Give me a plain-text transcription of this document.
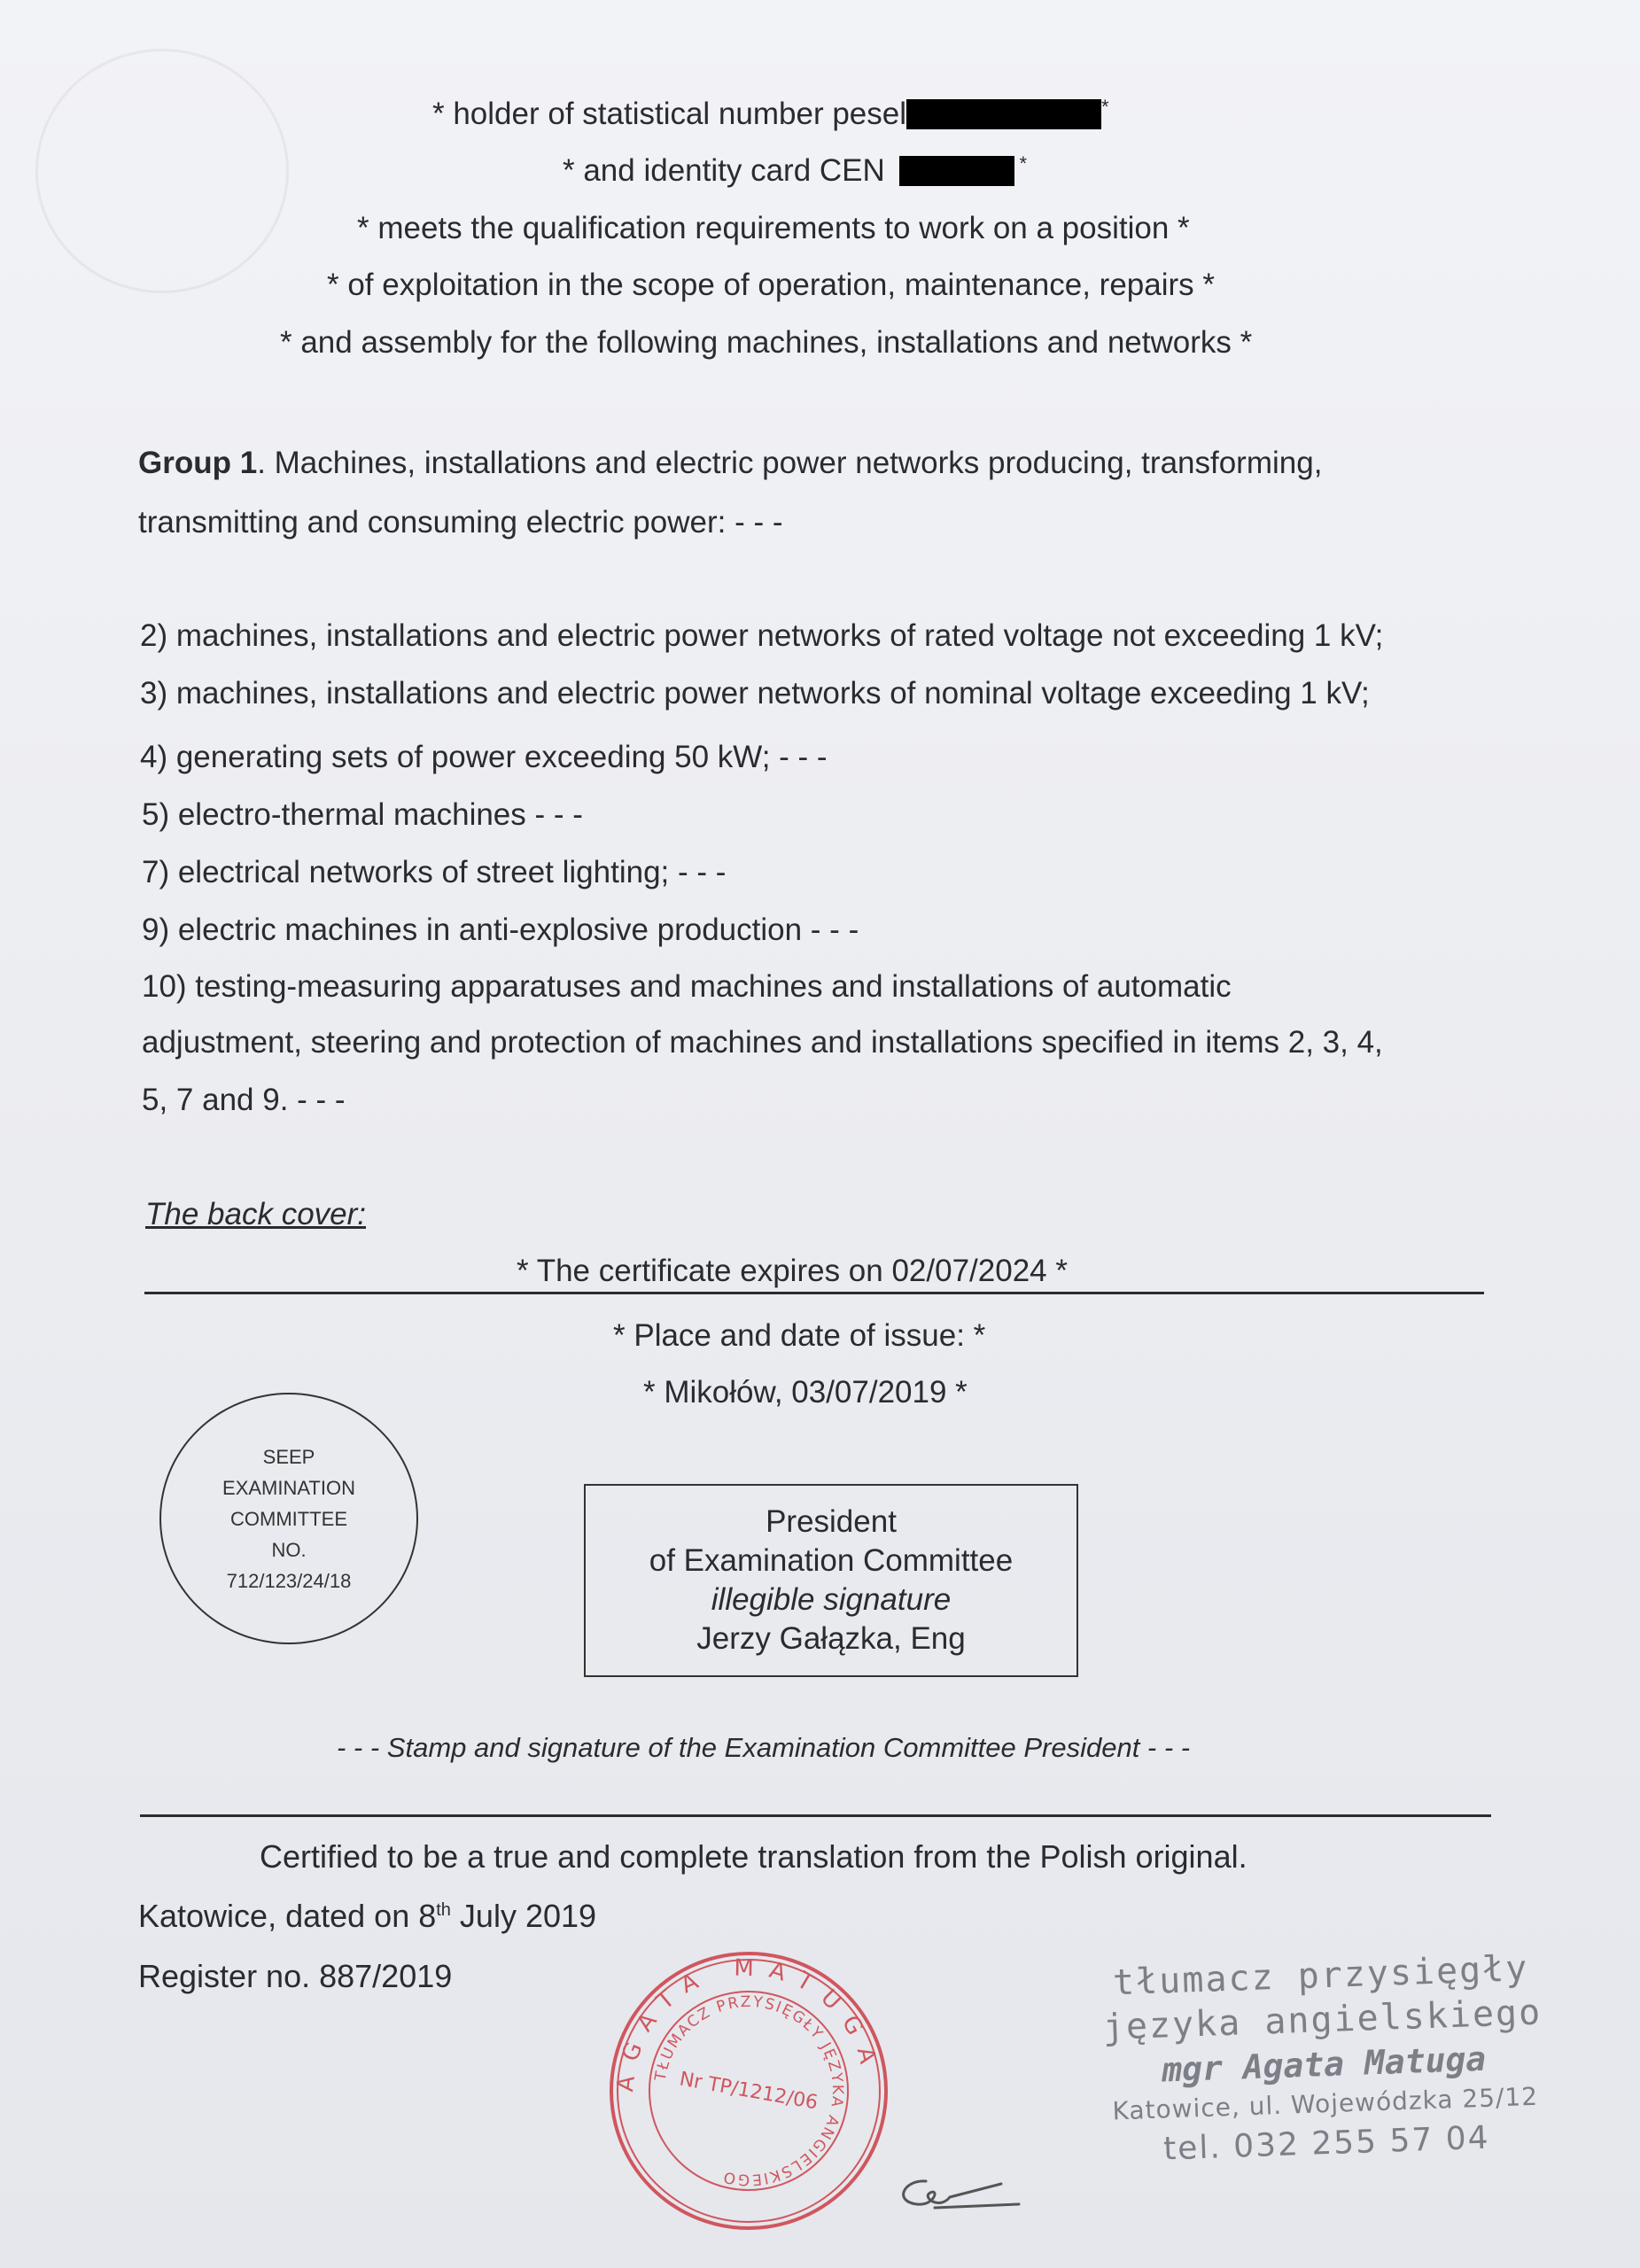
* holder of statistical number pesel	*
* and identity card CEN	*
* meets the qualification requirements to work on a position *
* of exploitation in the scope of operation, maintenance, repairs *
* and assembly for the following machines, installations and networks *
Group 1. Machines, installations and electric power networks producing, transforming,
transmitting and consuming electric power: - - -
2) machines, installations and electric power networks of rated voltage not exceeding 1 kV;
3) machines, installations and electric power networks of nominal voltage exceeding 1 kV;
4) generating sets of power exceeding 50 kW; - - -
5) electro-thermal machines - - -
7) electrical networks of street lighting; - - -
9) electric machines in anti-explosive production - - -
10) testing-measuring apparatuses and machines and installations of automatic
adjustment, steering and protection of machines and installations specified in items 2, 3, 4,
5, 7 and 9. - - -
The back cover:
* The certificate expires on 02/07/2024 *
* Place and date of issue: *
* Mikołów, 03/07/2019 *
SEEP
EXAMINATION
COMMITTEE
NO.
712/123/24/18
President
of Examination Committee
illegible signature
Jerzy Gałązka, Eng
- - - Stamp and signature of the Examination Committee President - - -
Certified to be a true and complete translation from the Polish original.
Katowice, dated on 8th July 2019
Register no. 887/2019
AGATA MATUGA
TŁUMACZ PRZYSIĘGŁY JĘZYKA ANGIELSKIEGO
Nr TP/1212/06
tłumacz przysięgły
języka angielskiego
mgr Agata Matuga
Katowice, ul. Wojewódzka 25/12
tel. 032 255 57 04
